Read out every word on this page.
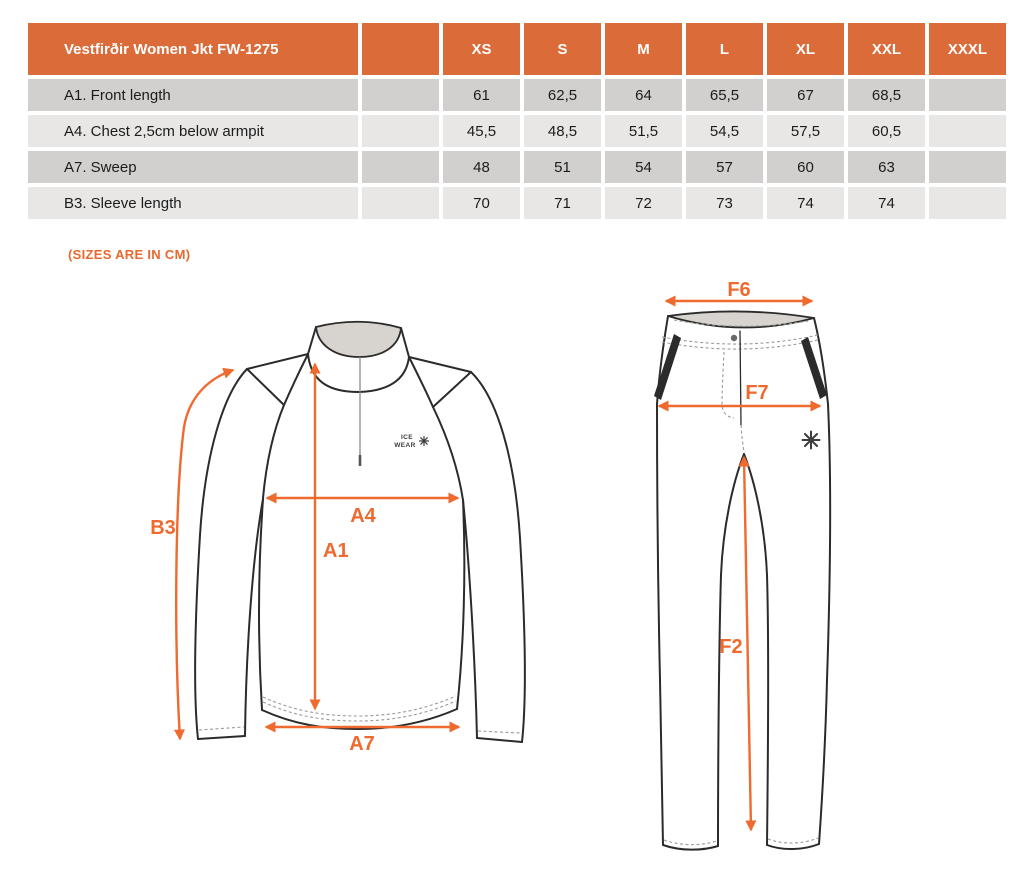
Vestfirðir Women Jkt FW-1275		XS	S	M	L	XL	XXL	XXXL
A1. Front length		61	62,5	64	65,5	67	68,5	
A4. Chest 2,5cm below armpit		45,5	48,5	51,5	54,5	57,5	60,5	
A7. Sweep		48	51	54	57	60	63	
B3. Sleeve length		70	71	72	73	74	74	
(SIZES ARE IN CM)
ICE
WEAR
B3
A4
A1
A7
F6
F7
F2
